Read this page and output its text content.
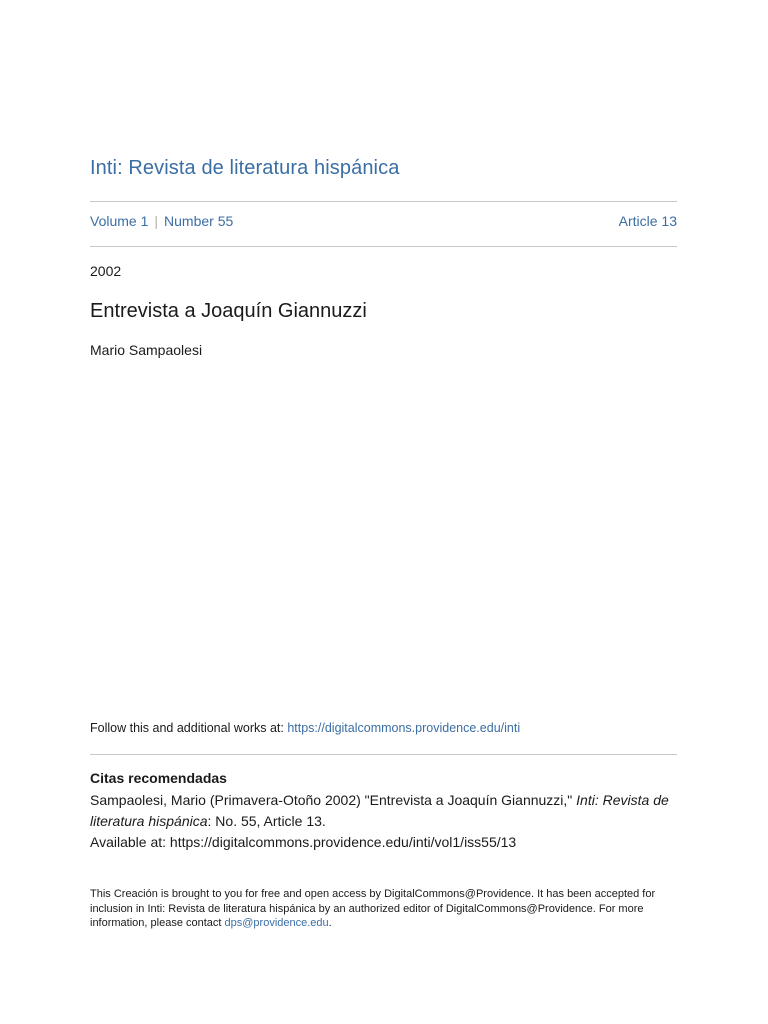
Inti: Revista de literatura hispánica
Volume 1 | Number 55	Article 13
2002
Entrevista a Joaquín Giannuzzi
Mario Sampaolesi
Follow this and additional works at: https://digitalcommons.providence.edu/inti
Citas recomendadas
Sampaolesi, Mario (Primavera-Otoño 2002) "Entrevista a Joaquín Giannuzzi," Inti: Revista de literatura hispánica: No. 55, Article 13.
Available at: https://digitalcommons.providence.edu/inti/vol1/iss55/13
This Creación is brought to you for free and open access by DigitalCommons@Providence. It has been accepted for inclusion in Inti: Revista de literatura hispánica by an authorized editor of DigitalCommons@Providence. For more information, please contact dps@providence.edu.
